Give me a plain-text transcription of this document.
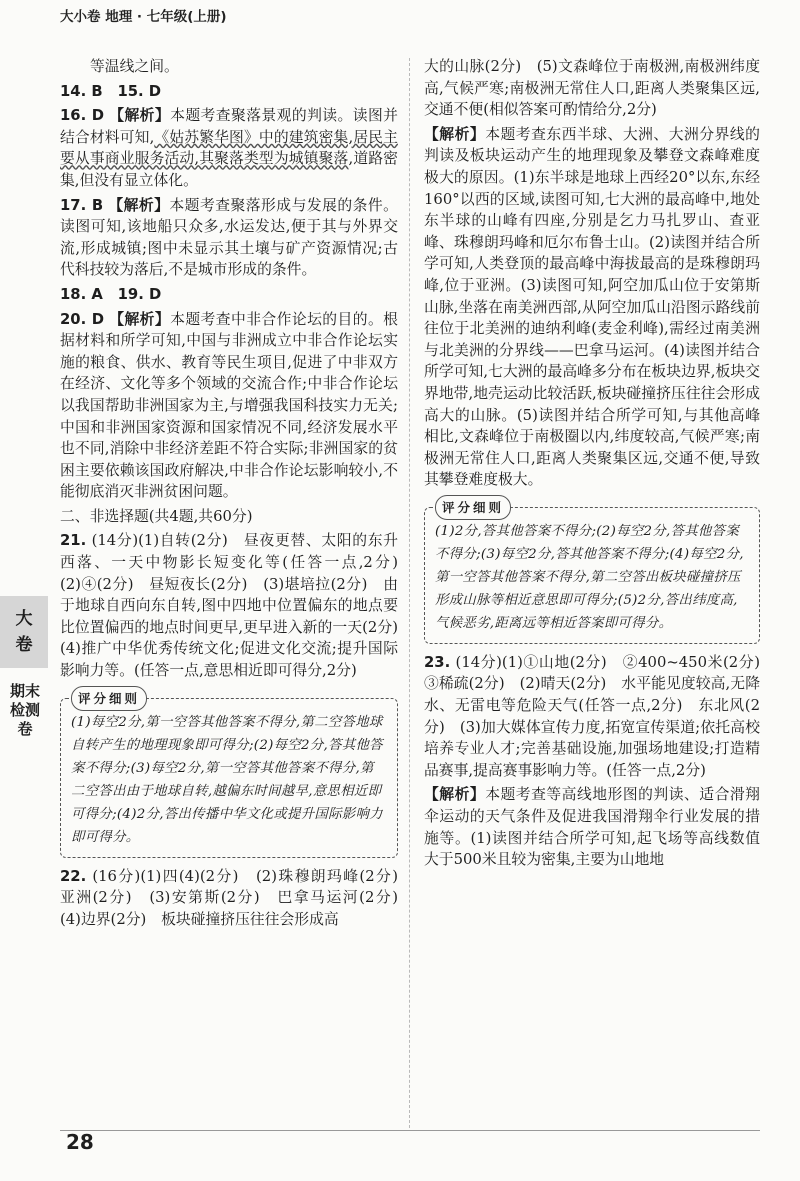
大小卷 地理 · 七年级(上册)

等温线之间。

14. B　15. D

16. D 【解析】本题考查聚落景观的判读。读图并结合材料可知,《姑苏繁华图》中的建筑密集,居民主要从事商业服务活动,其聚落类型为城镇聚落,道路密集,但没有显立体化。

17. B 【解析】本题考查聚落形成与发展的条件。读图可知,该地船只众多,水运发达,便于其与外界交流,形成城镇;图中未显示其土壤与矿产资源情况;古代科技较为落后,不是城市形成的条件。

18. A　19. D

20. D 【解析】本题考查中非合作论坛的目的。根据材料和所学可知,中国与非洲成立中非合作论坛实施的粮食、供水、教育等民生项目,促进了中非双方在经济、文化等多个领域的交流合作;中非合作论坛以我国帮助非洲国家为主,与增强我国科技实力无关;中国和非洲国家资源和国家情况不同,经济发展水平也不同,消除中非经济差距不符合实际;非洲国家的贫困主要依赖该国政府解决,中非合作论坛影响较小,不能彻底消灭非洲贫困问题。

二、非选择题(共4题,共60分)

21. (14分)(1)自转(2分)　昼夜更替、太阳的东升西落、一天中物影长短变化等(任答一点,2分)　(2)④(2分)　昼短夜长(2分)　(3)堪培拉(2分)　由于地球自西向东自转,图中四地中位置偏东的地点要比位置偏西的地点时间更早,更早进入新的一天(2分)　(4)推广中华优秀传统文化;促进文化交流;提升国际影响力等。(任答一点,意思相近即可得分,2分)

评分细则
(1)每空2分,第一空答其他答案不得分,第二空答地球自转产生的地理现象即可得分;(2)每空2分,答其他答案不得分;(3)每空2分,第一空答其他答案不得分,第二空答出由于地球自转,越偏东时间越早,意思相近即可得分;(4)2分,答出传播中华文化或提升国际影响力即可得分。

22. (16分)(1)四(4)(2分)　(2)珠穆朗玛峰(2分)　亚洲(2分)　(3)安第斯(2分)　巴拿马运河(2分)　(4)边界(2分)　板块碰撞挤压往往会形成高

大的山脉(2分)　(5)文森峰位于南极洲,南极洲纬度高,气候严寒;南极洲无常住人口,距离人类聚集区远,交通不便(相似答案可酌情给分,2分)

【解析】本题考查东西半球、大洲、大洲分界线的判读及板块运动产生的地理现象及攀登文森峰难度极大的原因。(1)东半球是地球上西经20°以东,东经160°以西的区域,读图可知,七大洲的最高峰中,地处东半球的山峰有四座,分别是乞力马扎罗山、查亚峰、珠穆朗玛峰和厄尔布鲁士山。(2)读图并结合所学可知,人类登顶的最高峰中海拔最高的是珠穆朗玛峰,位于亚洲。(3)读图可知,阿空加瓜山位于安第斯山脉,坐落在南美洲西部,从阿空加瓜山沿图示路线前往位于北美洲的迪纳利峰(麦金利峰),需经过南美洲与北美洲的分界线——巴拿马运河。(4)读图并结合所学可知,七大洲的最高峰多分布在板块边界,板块交界地带,地壳运动比较活跃,板块碰撞挤压往往会形成高大的山脉。(5)读图并结合所学可知,与其他高峰相比,文森峰位于南极圈以内,纬度较高,气候严寒;南极洲无常住人口,距离人类聚集区远,交通不便,导致其攀登难度极大。

评分细则
(1)2分,答其他答案不得分;(2)每空2分,答其他答案不得分;(3)每空2分,答其他答案不得分;(4)每空2分,第一空答其他答案不得分,第二空答出板块碰撞挤压形成山脉等相近意思即可得分;(5)2分,答出纬度高,气候恶劣,距离远等相近答案即可得分。

23. (14分)(1)①山地(2分)　②400~450米(2分)　③稀疏(2分)　(2)晴天(2分)　水平能见度较高,无降水、无雷电等危险天气(任答一点,2分)　东北风(2分)　(3)加大媒体宣传力度,拓宽宣传渠道;依托高校培养专业人才;完善基础设施,加强场地建设;打造精品赛事,提高赛事影响力等。(任答一点,2分)

【解析】本题考查等高线地形图的判读、适合滑翔伞运动的天气条件及促进我国滑翔伞行业发展的措施等。(1)读图并结合所学可知,起飞场等高线数值大于500米且较为密集,主要为山地地

大
卷
期末检测卷
28
